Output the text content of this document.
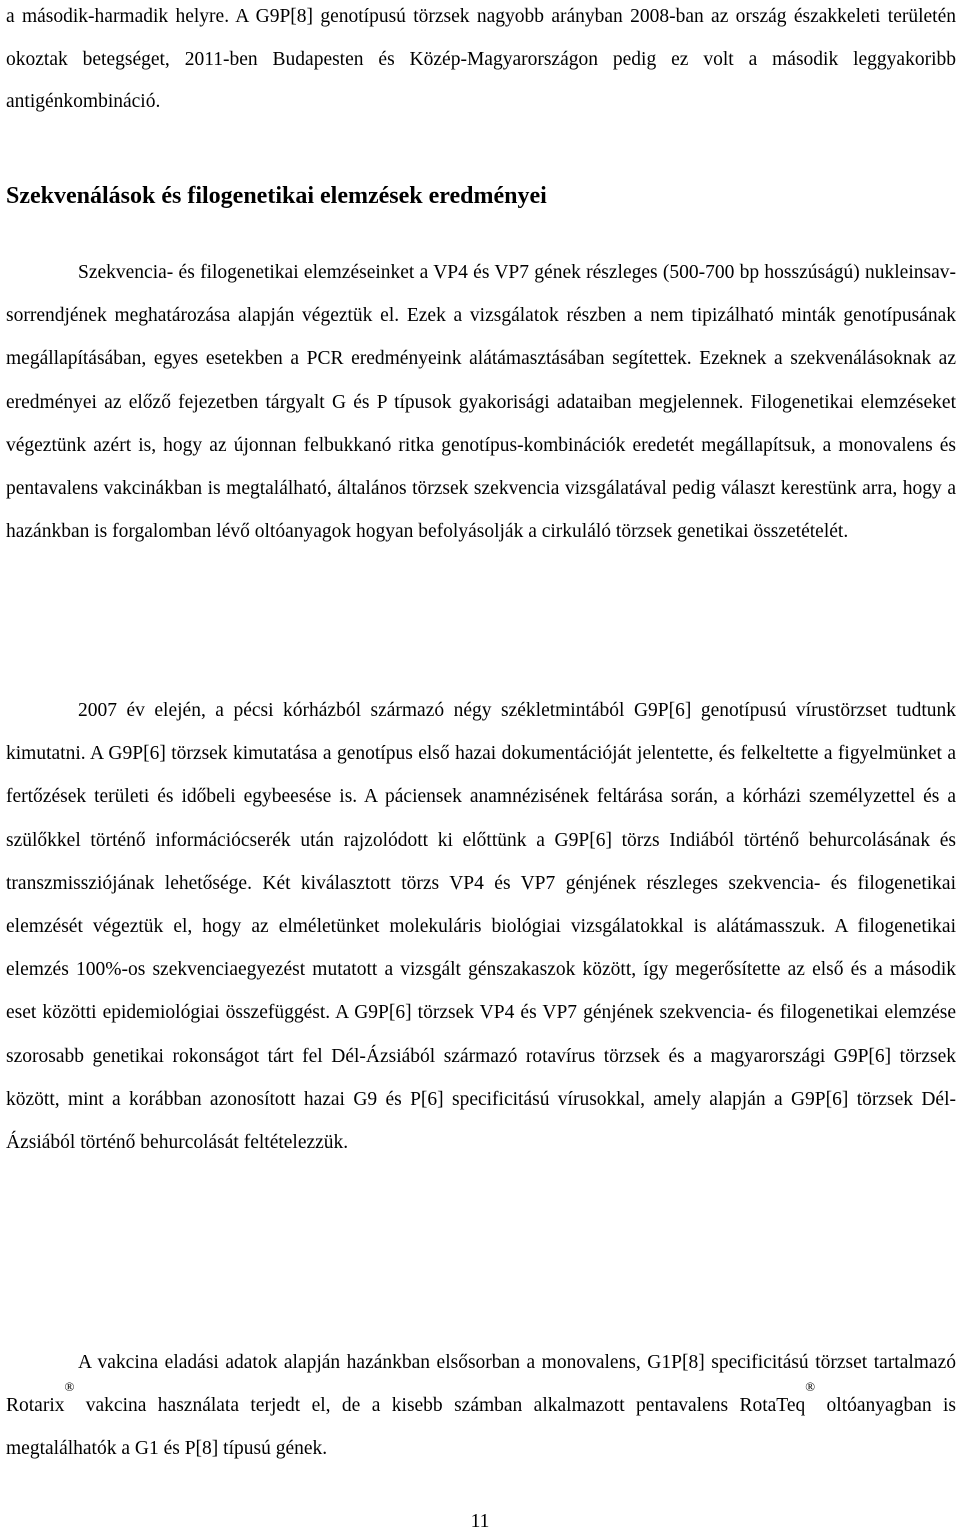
a második-harmadik helyre. A G9P[8] genotípusú törzsek nagyobb arányban 2008-ban az ország északkeleti területén okoztak betegséget, 2011-ben Budapesten és Közép-Magyarországon pedig ez volt a második leggyakoribb antigénkombináció.

Szekvenálások és filogenetikai elemzések eredményei

Szekvencia- és filogenetikai elemzéseinket a VP4 és VP7 gének részleges (500-700 bp hosszúságú) nukleinsav-sorrendjének meghatározása alapján végeztük el. Ezek a vizsgálatok részben a nem tipizálható minták genotípusának megállapításában, egyes esetekben a PCR eredményeink alátámasztásában segítettek. Ezeknek a szekvenálásoknak az eredményei az előző fejezetben tárgyalt G és P típusok gyakorisági adataiban megjelennek. Filogenetikai elemzéseket végeztünk azért is, hogy az újonnan felbukkanó ritka genotípus-kombinációk eredetét megállapítsuk, a monovalens és pentavalens vakcinákban is megtalálható, általános törzsek szekvencia vizsgálatával pedig választ kerestünk arra, hogy a hazánkban is forgalomban lévő oltóanyagok hogyan befolyásolják a cirkuláló törzsek genetikai összetételét.

2007 év elején, a pécsi kórházból származó négy székletmintából G9P[6] genotípusú vírustörzset tudtunk kimutatni. A G9P[6] törzsek kimutatása a genotípus első hazai dokumentációját jelentette, és felkeltette a figyelmünket a fertőzések területi és időbeli egybeesése is. A páciensek anamnézisének feltárása során, a kórházi személyzettel és a szülőkkel történő információcserék után rajzolódott ki előttünk a G9P[6] törzs Indiából történő behurcolásának és transzmissziójának lehetősége. Két kiválasztott törzs VP4 és VP7 génjének részleges szekvencia- és filogenetikai elemzését végeztük el, hogy az elméletünket molekuláris biológiai vizsgálatokkal is alátámasszuk. A filogenetikai elemzés 100%-os szekvenciaegyezést mutatott a vizsgált génszakaszok között, így megerősítette az első és a második eset közötti epidemiológiai összefüggést. A G9P[6] törzsek VP4 és VP7 génjének szekvencia- és filogenetikai elemzése szorosabb genetikai rokonságot tárt fel Dél-Ázsiából származó rotavírus törzsek és a magyarországi G9P[6] törzsek között, mint a korábban azonosított hazai G9 és P[6] specificitású vírusokkal, amely alapján a G9P[6] törzsek Dél-Ázsiából történő behurcolását feltételezzük.

A vakcina eladási adatok alapján hazánkban elsősorban a monovalens, G1P[8] specificitású törzset tartalmazó Rotarix® vakcina használata terjedt el, de a kisebb számban alkalmazott pentavalens RotaTeq® oltóanyagban is megtalálhatók a G1 és P[8] típusú gének.

11
